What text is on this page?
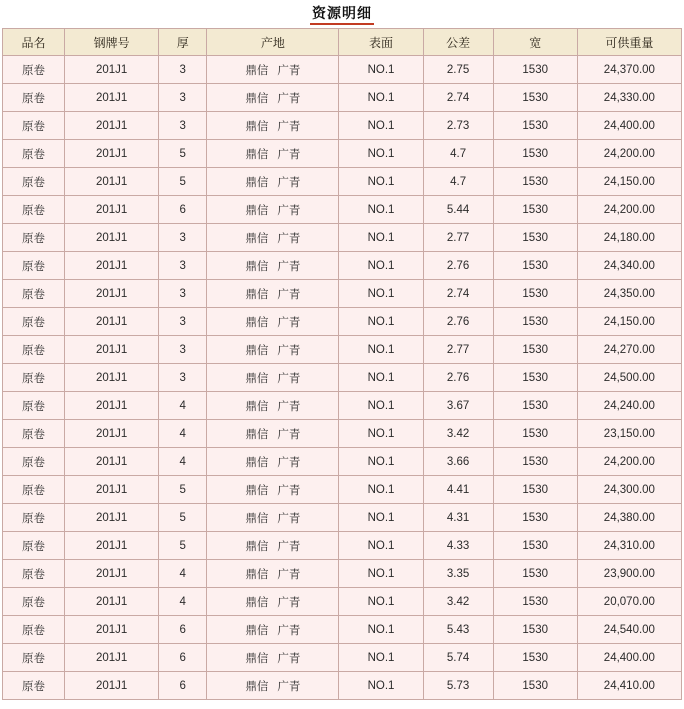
资源明细
品名	钢牌号	厚	产地	表面	公差	宽	可供重量
原卷	201J1	3	鼎信 广青	NO.1	2.75	1530	24,370.00
原卷	201J1	3	鼎信 广青	NO.1	2.74	1530	24,330.00
原卷	201J1	3	鼎信 广青	NO.1	2.73	1530	24,400.00
原卷	201J1	5	鼎信 广青	NO.1	4.7	1530	24,200.00
原卷	201J1	5	鼎信 广青	NO.1	4.7	1530	24,150.00
原卷	201J1	6	鼎信 广青	NO.1	5.44	1530	24,200.00
原卷	201J1	3	鼎信 广青	NO.1	2.77	1530	24,180.00
原卷	201J1	3	鼎信 广青	NO.1	2.76	1530	24,340.00
原卷	201J1	3	鼎信 广青	NO.1	2.74	1530	24,350.00
原卷	201J1	3	鼎信 广青	NO.1	2.76	1530	24,150.00
原卷	201J1	3	鼎信 广青	NO.1	2.77	1530	24,270.00
原卷	201J1	3	鼎信 广青	NO.1	2.76	1530	24,500.00
原卷	201J1	4	鼎信 广青	NO.1	3.67	1530	24,240.00
原卷	201J1	4	鼎信 广青	NO.1	3.42	1530	23,150.00
原卷	201J1	4	鼎信 广青	NO.1	3.66	1530	24,200.00
原卷	201J1	5	鼎信 广青	NO.1	4.41	1530	24,300.00
原卷	201J1	5	鼎信 广青	NO.1	4.31	1530	24,380.00
原卷	201J1	5	鼎信 广青	NO.1	4.33	1530	24,310.00
原卷	201J1	4	鼎信 广青	NO.1	3.35	1530	23,900.00
原卷	201J1	4	鼎信 广青	NO.1	3.42	1530	20,070.00
原卷	201J1	6	鼎信 广青	NO.1	5.43	1530	24,540.00
原卷	201J1	6	鼎信 广青	NO.1	5.74	1530	24,400.00
原卷	201J1	6	鼎信 广青	NO.1	5.73	1530	24,410.00
